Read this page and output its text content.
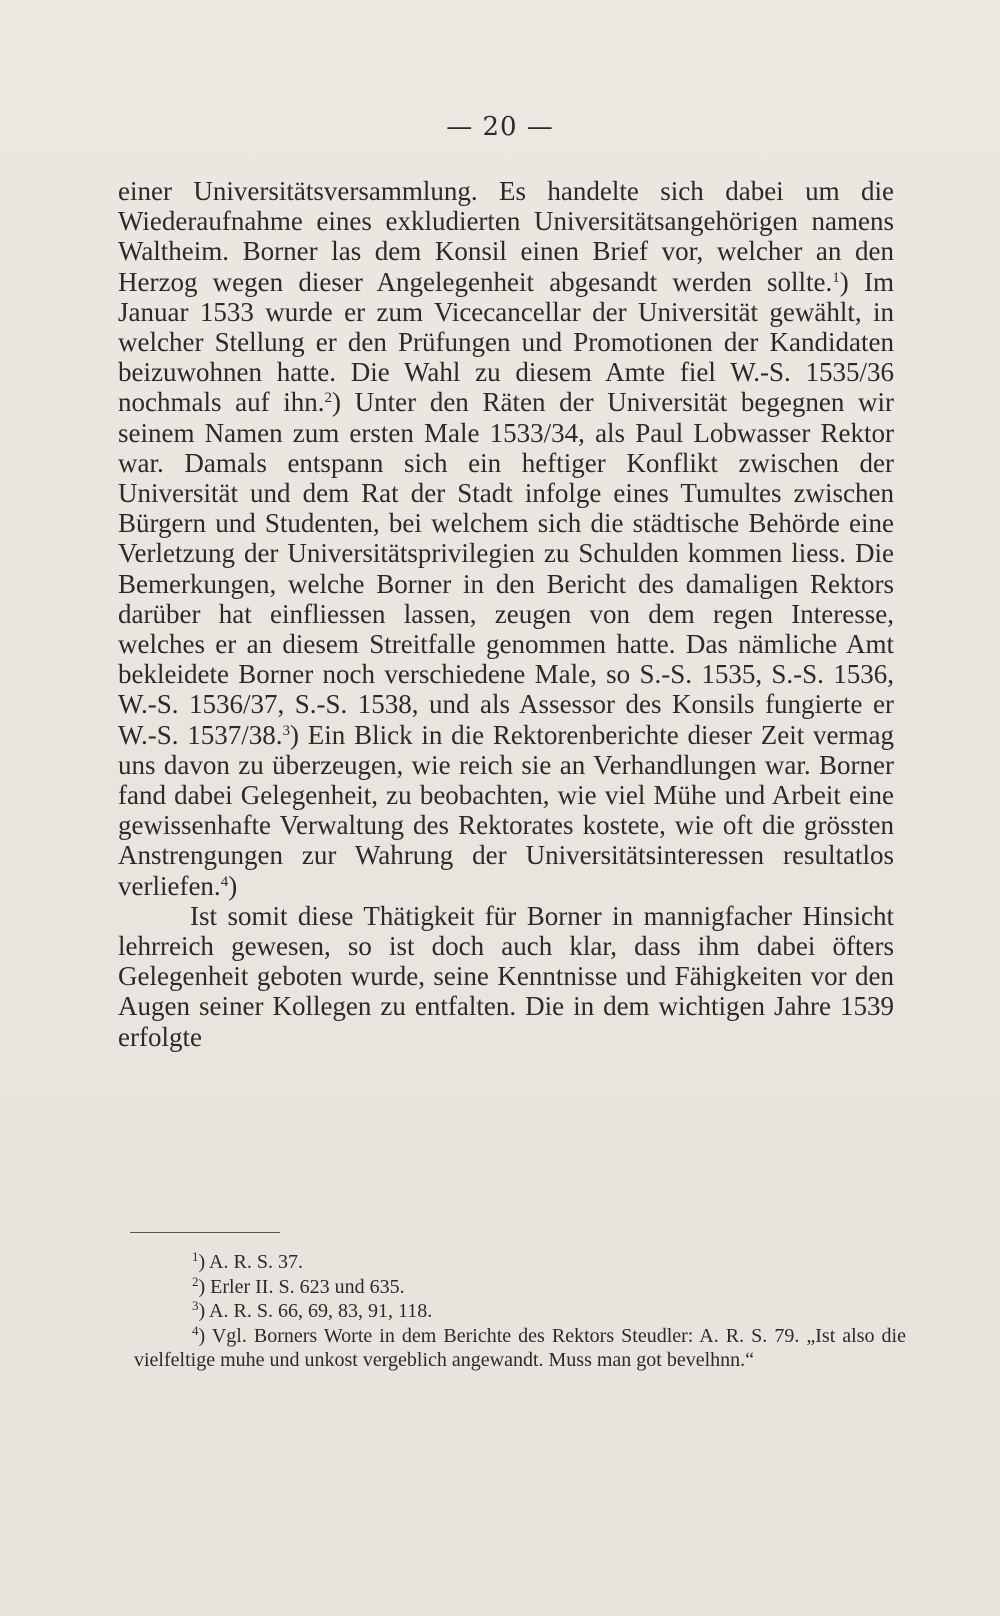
— 20 —

einer Universitätsversammlung. Es handelte sich dabei um die Wiederaufnahme eines exkludierten Universitätsangehörigen namens Waltheim. Borner las dem Konsil einen Brief vor, welcher an den Herzog wegen dieser Angelegenheit abgesandt werden sollte.$^1$) Im Januar 1533 wurde er zum Vicecancellar der Universität gewählt, in welcher Stellung er den Prüfungen und Promotionen der Kandidaten beizuwohnen hatte. Die Wahl zu diesem Amte fiel W.-S. 1535/36 nochmals auf ihn.$^2$) Unter den Räten der Universität begegnen wir seinem Namen zum ersten Male 1533/34, als Paul Lobwasser Rektor war. Damals entspann sich ein heftiger Konflikt zwischen der Universität und dem Rat der Stadt infolge eines Tumultes zwischen Bürgern und Studenten, bei welchem sich die städtische Behörde eine Verletzung der Universitätsprivilegien zu Schulden kommen liess. Die Bemerkungen, welche Borner in den Bericht des damaligen Rektors darüber hat einfliessen lassen, zeugen von dem regen Interesse, welches er an diesem Streitfalle genommen hatte. Das nämliche Amt bekleidete Borner noch verschiedene Male, so S.-S. 1535, S.-S. 1536, W.-S. 1536/37, S.-S. 1538, und als Assessor des Konsils fungierte er W.-S. 1537/38.$^3$) Ein Blick in die Rektorenberichte dieser Zeit vermag uns davon zu überzeugen, wie reich sie an Verhandlungen war. Borner fand dabei Gelegenheit, zu beobachten, wie viel Mühe und Arbeit eine gewissenhafte Verwaltung des Rektorates kostete, wie oft die grössten Anstrengungen zur Wahrung der Universitätsinteressen resultatlos verliefen.$^4$)

Ist somit diese Thätigkeit für Borner in mannigfacher Hinsicht lehrreich gewesen, so ist doch auch klar, dass ihm dabei öfters Gelegenheit geboten wurde, seine Kenntnisse und Fähigkeiten vor den Augen seiner Kollegen zu entfalten. Die in dem wichtigen Jahre 1539 erfolgte

$^1$) A. R. S. 37.

$^2$) Erler II. S. 623 und 635.

$^3$) A. R. S. 66, 69, 83, 91, 118.

$^4$) Vgl. Borners Worte in dem Berichte des Rektors Steudler: A. R. S. 79. „Ist also die vielfeltige muhe und unkost vergeblich angewandt. Muss man got bevelhnn.“
